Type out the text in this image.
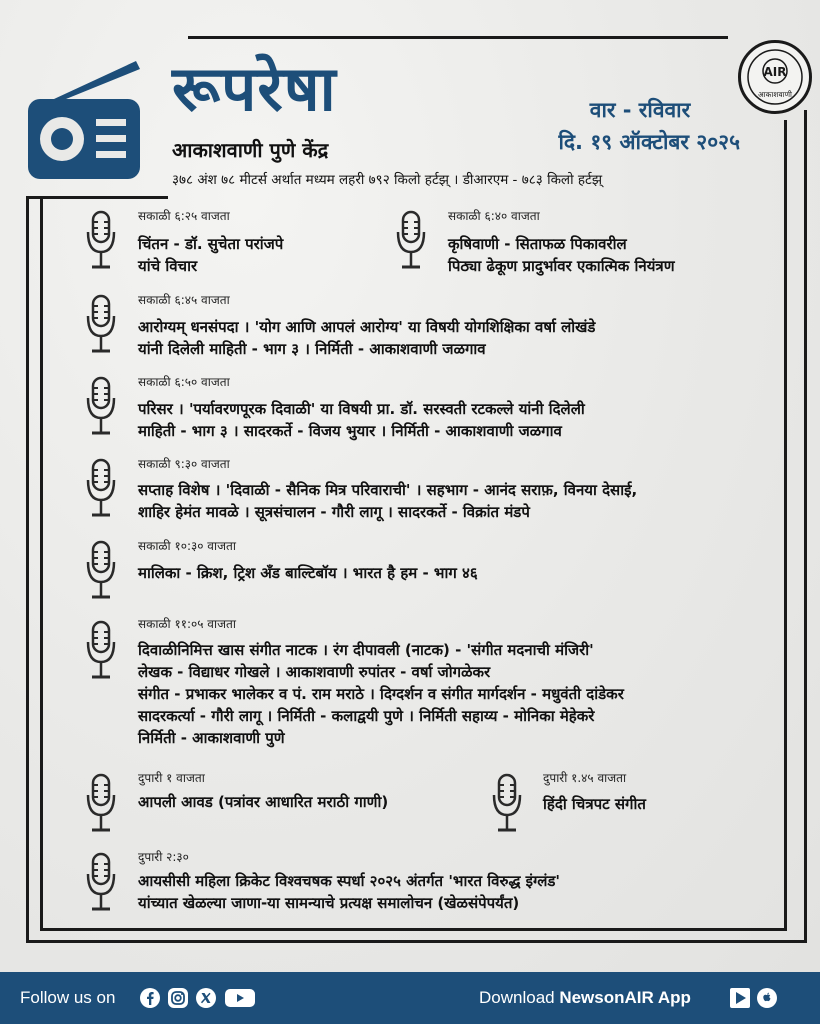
रूपरेषा
आकाशवाणी पुणे केंद्र
वार - रविवार
दि. १९ ऑक्टोबर २०२५
३७८ अंश ७८ मीटर्स अर्थात मध्यम लहरी ७९२ किलो हर्टझ् । डीआरएम - ७८३ किलो हर्टझ्
AIR
आकाशवाणी
सकाळी ६:२५ वाजता
चिंतन - डॉ. सुचेता परांजपे
यांचे विचार
सकाळी ६:४० वाजता
कृषिवाणी - सिताफळ पिकावरील
पिठ्या ढेकूण प्रादुर्भावर एकात्मिक नियंत्रण
सकाळी ६:४५ वाजता
आरोग्यम् धनसंपदा । 'योग आणि आपलं आरोग्य' या विषयी योगशिक्षिका वर्षा लोखंडे
यांनी दिलेली माहिती - भाग ३ । निर्मिती - आकाशवाणी जळगाव
सकाळी ६:५० वाजता
परिसर । 'पर्यावरणपूरक दिवाळी' या विषयी प्रा. डॉ. सरस्वती रटकल्ले यांनी दिलेली
माहिती - भाग ३ । सादरकर्ते - विजय भुयार । निर्मिती - आकाशवाणी जळगाव
सकाळी ९:३० वाजता
सप्ताह विशेष । 'दिवाळी - सैनिक मित्र परिवाराची' । सहभाग - आनंद सराफ़, विनया देसाई,
शाहिर हेमंत मावळे । सूत्रसंचालन - गौरी लागू । सादरकर्ते - विक्रांत मंडपे
सकाळी १०:३० वाजता
मालिका - क्रिश, ट्रिश अँड बाल्टिबॉय । भारत है हम - भाग ४६
सकाळी ११:०५ वाजता
दिवाळीनिमित्त खास संगीत नाटक । रंग दीपावली (नाटक) - 'संगीत मदनाची मंजिरी'
लेखक - विद्याधर गोखले । आकाशवाणी रुपांतर - वर्षा जोगळेकर
संगीत - प्रभाकर भालेकर व पं. राम मराठे । दिग्दर्शन व संगीत मार्गदर्शन - मधुवंती दांडेकर
सादरकर्त्या - गौरी लागू । निर्मिती - कलाद्वयी पुणे । निर्मिती सहाय्य - मोनिका मेहेकरे
निर्मिती - आकाशवाणी पुणे
दुपारी १ वाजता
आपली आवड (पत्रांवर आधारित मराठी गाणी)
दुपारी १.४५ वाजता
हिंदी चित्रपट संगीत
दुपारी २:३०
आयसीसी महिला क्रिकेट विश्वचषक स्पर्धा २०२५ अंतर्गत 'भारत विरुद्ध इंग्लंड'
यांच्यात खेळल्या जाणा-या सामन्याचे प्रत्यक्ष समालोचन (खेळसंपेपर्यंत)
Follow us on	Download NewsonAIR App
